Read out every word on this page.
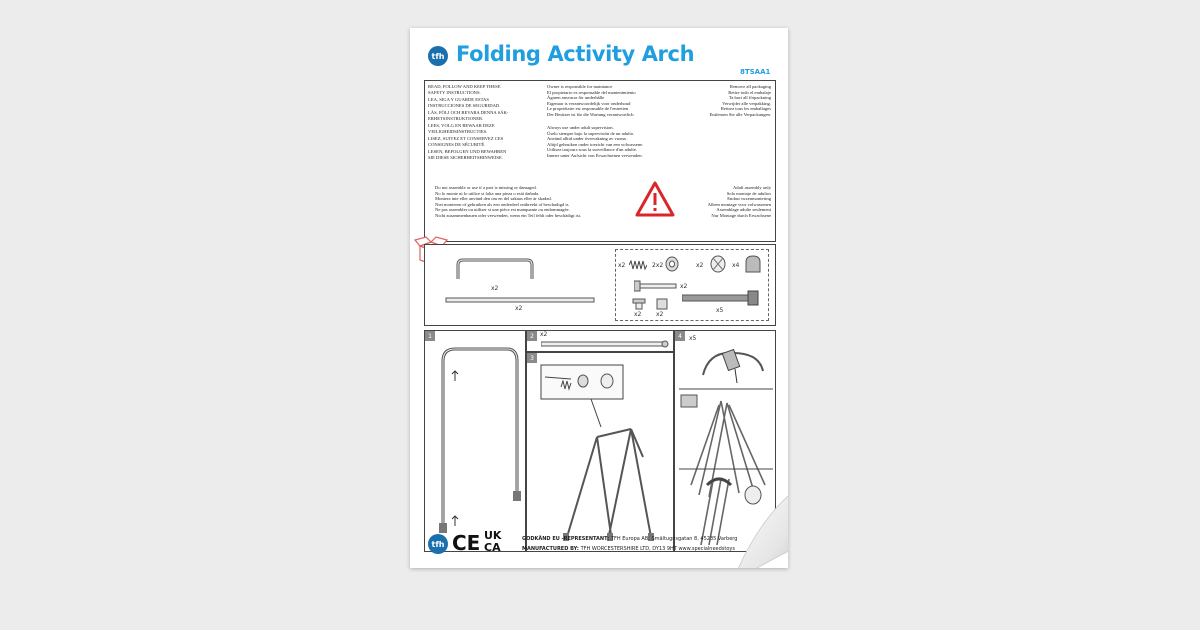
tfh Folding Activity Arch
8TSAA1
READ, FOLLOW AND KEEP THESE
SAFETY INSTRUCTIONS.
LEA, SIGA Y GUARDE ESTAS
INSTRUCCIONES DE SEGURIDAD.
LÄS, FÖLJ OCH BEVARA DENNA SÄK-
ERHETSINSTRUKTIONER.
LEES, VOLG EN BEWAAR DEZE
VEILIGHEIDSINSTRUCTIES.
LISEZ, SUIVEZ ET CONSERVEZ CES
CONSIGNES DE SÉCURITÉ.
LESEN, BEFOLGEN UND BEWAHREN
SIE DIESE SICHERHEITSHINWEISE.
Owner is responsible for maintance
El propietario es responsable del mantenimiento
Ägaren ansvarar för underhålle
Eigenaar is verantwoordelijk voor onderhoud
Le propriétaire est responsable de l'entretien
Der Besitzer ist für die Wartung verantwortlich
Remove all packaging
Retire todo el embalaje
Ta bort all förpackning
Verwijder alle verpakking.
Retirez tous les emballages
Entfernen Sie alle Verpackungen.
Always use under adult supervision.
Úselo siempre bajo la supervisión de un adulto.
Använd alltid under övervakning av vuxna.
Altijd gebruiken onder toezicht van een volwassene.
Utilisez toujours sous la surveillance d'un adulte.
Immer unter Aufsicht von Erwachsenen verwenden.
Do not assemble or use if a part is missing or damaged.
No lo monte ni lo utilice si falta una pieza o está dañada.
Montera inte eller använd den om en del saknas eller är skadad.
Niet monteren of gebruiken als een onderdeel ontbreekt of beschadigd is.
Ne pas assembler ou utiliser si une pièce est manquante ou endommagée.
Nicht zusammenbauen oder verwenden, wenn ein Teil fehlt oder beschädigt ist.
Adult assembly only
Solo montaje de adultos
Endast vuxenmontering
Alleen montage voor volwassenen
Assemblage adulte seulement
Nur Montage durch Erwachsene
x2
x2
x2	2x2	x2	x4
x2
x2 x2
x5
1	2	x2
3
4	x5
tfh CE UK
CA
GODKÄND EU -REPRESENTANT: TFH Europa AB. Smältugnsgatan 8, 45235 Varberg
MANUFACTURED BY: TFH WORCESTERSHIRE LTD, DY13 9HT www.specialneedstoys
